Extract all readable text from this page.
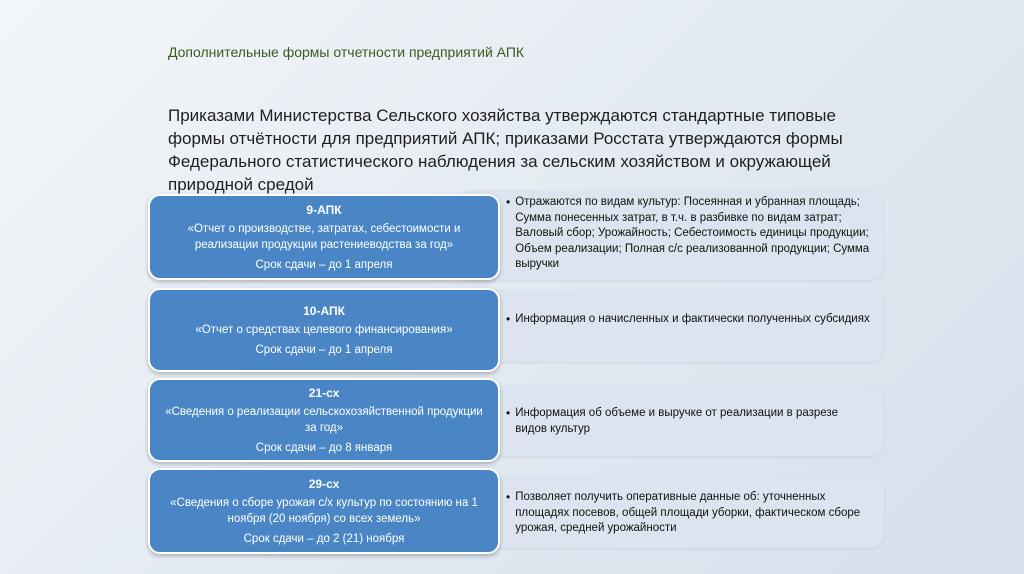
Дополнительные формы отчетности предприятий АПК
Приказами Министерства Сельского хозяйства утверждаются стандартные типовые формы отчётности для предприятий АПК; приказами Росстата утверждаются формы Федерального статистического наблюдения за сельским хозяйством и окружающей природной средой
• Отражаются по видам культур: Посеянная и убранная площадь; Сумма понесенных затрат, в т.ч. в разбивке по видам затрат; Валовый сбор; Урожайность; Себестоимость единицы продукции; Объем реализации; Полная с/с реализованной продукции; Сумма выручки
9-АПК
«Отчет о производстве, затратах, себестоимости и реализации продукции растениеводства за год»
Срок сдачи – до 1 апреля
• Информация о начисленных и фактически полученных субсидиях
10-АПК
«Отчет о средствах целевого финансирования»
Срок сдачи – до 1 апреля
• Информация об объеме и выручке от реализации в разрезе видов культур
21-сх
«Сведения о реализации сельскохозяйственной продукции за год»
Срок сдачи – до 8 января
• Позволяет получить оперативные данные об: уточненных площадях посевов, общей площади уборки, фактическом сборе урожая, средней урожайности
29-сх
«Сведения о сборе урожая с/х культур по состоянию на 1 ноября (20 ноября) со всех земель»
Срок сдачи – до 2 (21) ноября
